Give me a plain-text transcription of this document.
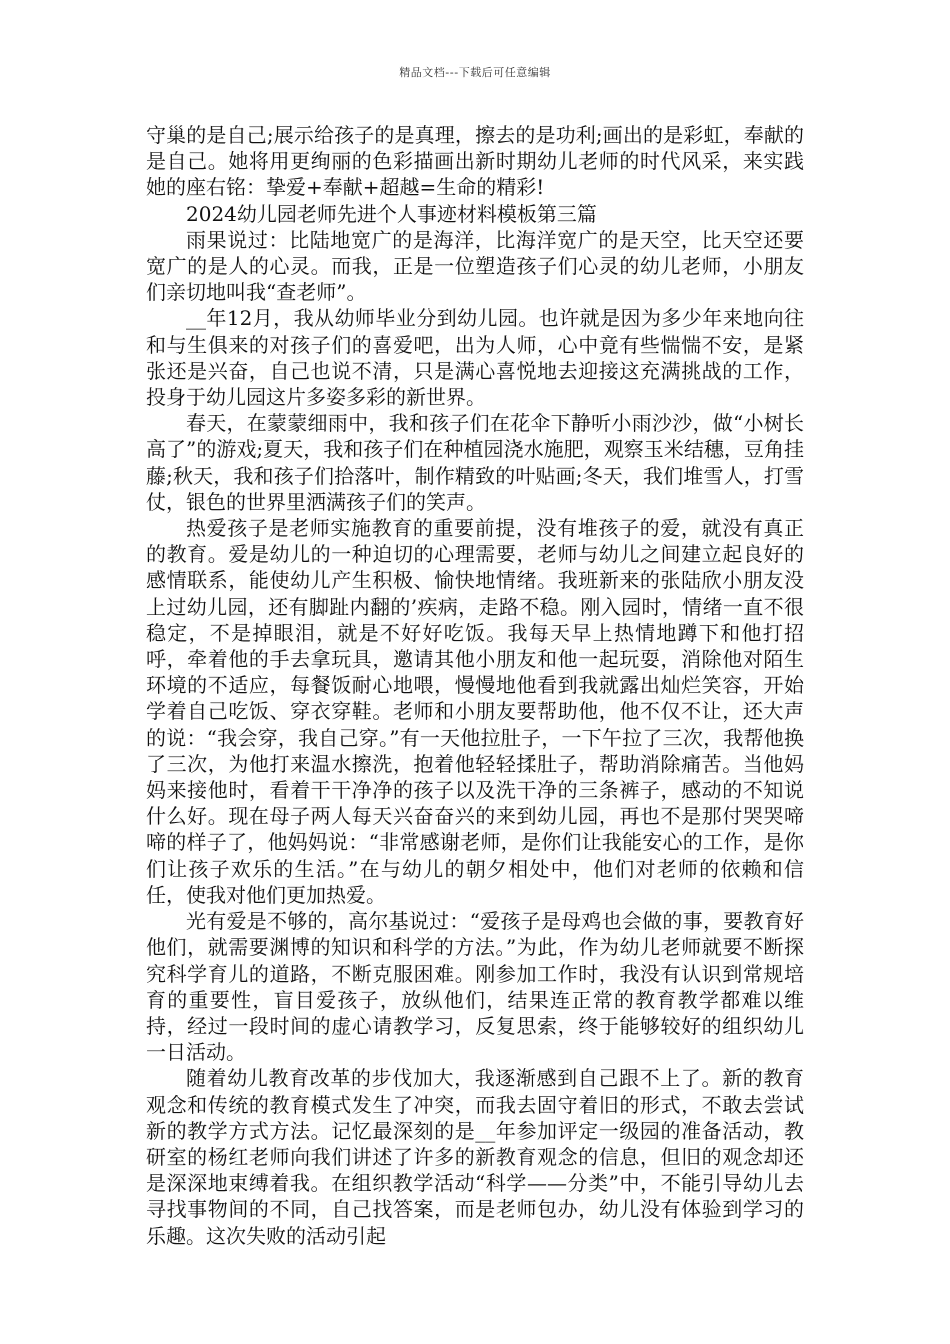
精品文档---下载后可任意编辑

守巢的是自己;展示给孩子的是真理，擦去的是功利;画出的是彩虹，奉献的是自己。她将用更绚丽的色彩描画出新时期幼儿老师的时代风采，来实践她的座右铭：挚爱+奉献+超越=生命的精彩!

2024幼儿园老师先进个人事迹材料模板第三篇

雨果说过：比陆地宽广的是海洋，比海洋宽广的是天空，比天空还要宽广的是人的心灵。而我，正是一位塑造孩子们心灵的幼儿老师，小朋友们亲切地叫我“查老师”。

__年12月，我从幼师毕业分到幼儿园。也许就是因为多少年来地向往和与生俱来的对孩子们的喜爱吧，出为人师，心中竟有些惴惴不安，是紧张还是兴奋，自己也说不清，只是满心喜悦地去迎接这充满挑战的工作，投身于幼儿园这片多姿多彩的新世界。

春天，在蒙蒙细雨中，我和孩子们在花伞下静听小雨沙沙，做“小树长高了”的游戏;夏天，我和孩子们在种植园浇水施肥，观察玉米结穗，豆角挂藤;秋天，我和孩子们拾落叶，制作精致的叶贴画;冬天，我们堆雪人，打雪仗，银色的世界里洒满孩子们的笑声。

热爱孩子是老师实施教育的重要前提，没有堆孩子的爱，就没有真正的教育。爱是幼儿的一种迫切的心理需要，老师与幼儿之间建立起良好的感情联系，能使幼儿产生积极、愉快地情绪。我班新来的张陆欣小朋友没上过幼儿园，还有脚趾内翻的’疾病，走路不稳。刚入园时，情绪一直不很稳定，不是掉眼泪，就是不好好吃饭。我每天早上热情地蹲下和他打招呼，牵着他的手去拿玩具，邀请其他小朋友和他一起玩耍，消除他对陌生环境的不适应，每餐饭耐心地喂，慢慢地他看到我就露出灿烂笑容，开始学着自己吃饭、穿衣穿鞋。老师和小朋友要帮助他，他不仅不让，还大声的说：“我会穿，我自己穿。”有一天他拉肚子，一下午拉了三次，我帮他换了三次，为他打来温水擦洗，抱着他轻轻揉肚子，帮助消除痛苦。当他妈妈来接他时，看着干干净净的孩子以及洗干净的三条裤子，感动的不知说什么好。现在母子两人每天兴奋奋兴的来到幼儿园，再也不是那付哭哭啼啼的样子了，他妈妈说：“非常感谢老师，是你们让我能安心的工作，是你们让孩子欢乐的生活。”在与幼儿的朝夕相处中，他们对老师的依赖和信任，使我对他们更加热爱。

光有爱是不够的，高尔基说过：“爱孩子是母鸡也会做的事，要教育好他们，就需要渊博的知识和科学的方法。”为此，作为幼儿老师就要不断探究科学育儿的道路，不断克服困难。刚参加工作时，我没有认识到常规培育的重要性，盲目爱孩子，放纵他们，结果连正常的教育教学都难以维持，经过一段时间的虚心请教学习，反复思索，终于能够较好的组织幼儿一日活动。

随着幼儿教育改革的步伐加大，我逐渐感到自己跟不上了。新的教育观念和传统的教育模式发生了冲突，而我去固守着旧的形式，不敢去尝试新的教学方式方法。记忆最深刻的是__年参加评定一级园的准备活动，教研室的杨红老师向我们讲述了许多的新教育观念的信息，但旧的观念却还是深深地束缚着我。在组织教学活动“科学——分类”中，不能引导幼儿去寻找事物间的不同，自己找答案，而是老师包办，幼儿没有体验到学习的乐趣。这次失败的活动引起
